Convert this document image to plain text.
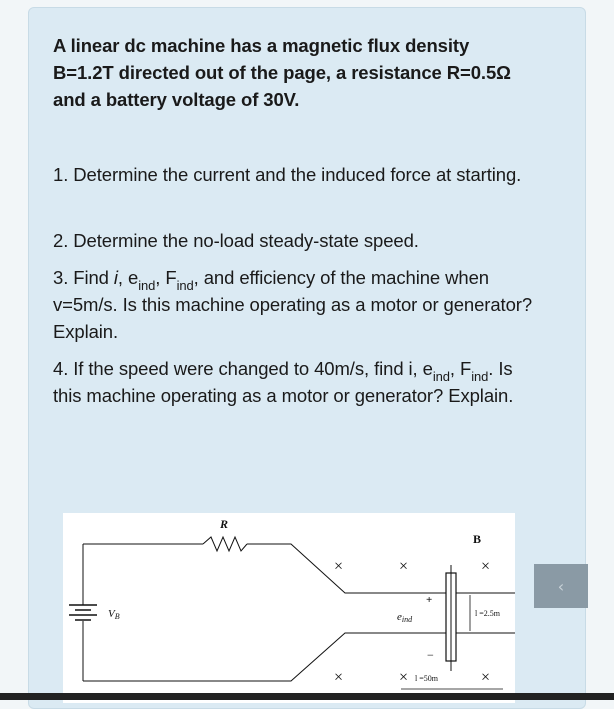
A linear dc machine has a magnetic flux density B=1.2T directed out of the page, a resistance R=0.5Ω and a battery voltage of 30V.

1. Determine the current and the induced force at starting.

2. Determine the no-load steady-state speed.

3. Find i, $e_{ind}$, $F_{ind}$, and efficiency of the machine when v=5m/s. Is this machine operating as a motor or generator? Explain.

4. If the speed were changed to 40m/s, find i, $e_{ind}$, $F_{ind}$. Is this machine operating as a motor or generator? Explain.

VB
R
B
×	×	×
×	×	×
+
−
eind
l =2.5m
l =50m
‹
